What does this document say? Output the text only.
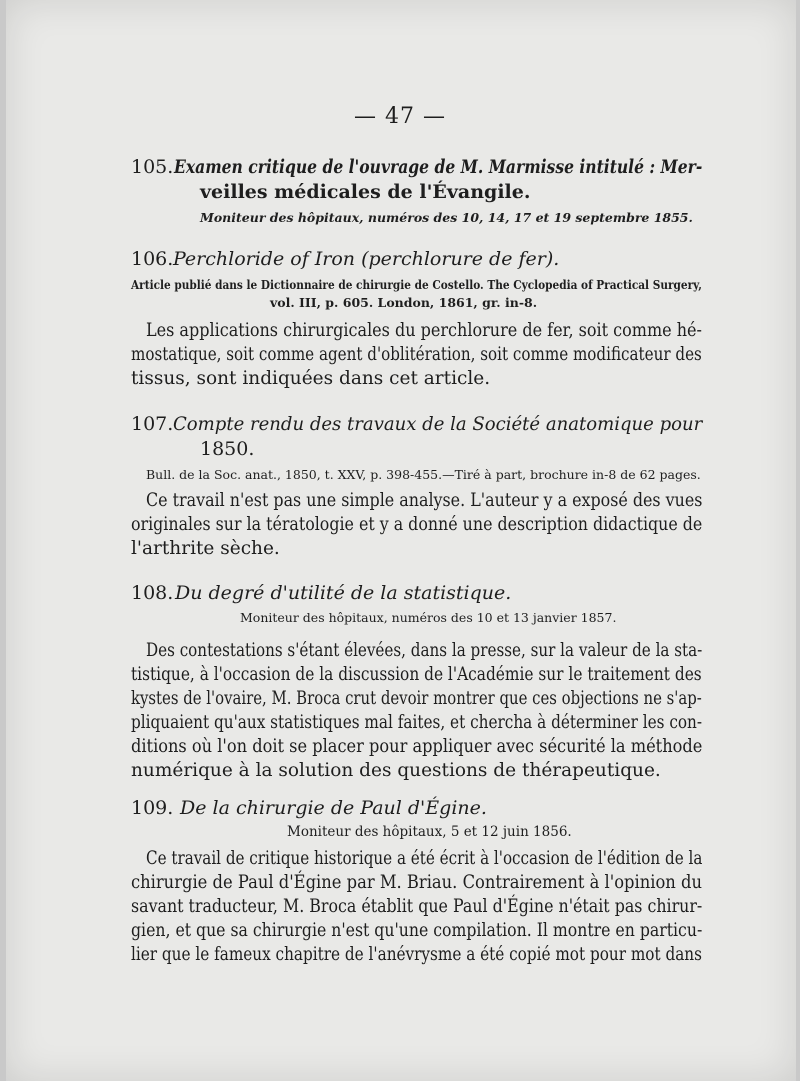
— 47 —
105. Examen critique de l'ouvrage de M. Marmisse intitulé : Mer-
veilles médicales de l'Évangile.
Moniteur des hôpitaux, numéros des 10, 14, 17 et 19 septembre 1855.
106. Perchloride of Iron (perchlorure de fer).
Article publié dans le Dictionnaire de chirurgie de Costello. The Cyclopedia of Practical Surgery,
vol. III, p. 605. London, 1861, gr. in-8.
Les applications chirurgicales du perchlorure de fer, soit comme hé-
mostatique, soit comme agent d'oblitération, soit comme modificateur des
tissus, sont indiquées dans cet article.
107. Compte rendu des travaux de la Société anatomique pour
1850.
Bull. de la Soc. anat., 1850, t. XXV, p. 398-455.—Tiré à part, brochure in-8 de 62 pages.
Ce travail n'est pas une simple analyse. L'auteur y a exposé des vues
originales sur la tératologie et y a donné une description didactique de
l'arthrite sèche.
108. Du degré d'utilité de la statistique.
Moniteur des hôpitaux, numéros des 10 et 13 janvier 1857.
Des contestations s'étant élevées, dans la presse, sur la valeur de la sta-
tistique, à l'occasion de la discussion de l'Académie sur le traitement des
kystes de l'ovaire, M. Broca crut devoir montrer que ces objections ne s'ap-
pliquaient qu'aux statistiques mal faites, et chercha à déterminer les con-
ditions où l'on doit se placer pour appliquer avec sécurité la méthode
numérique à la solution des questions de thérapeutique.
109. De la chirurgie de Paul d'Égine.
Moniteur des hôpitaux, 5 et 12 juin 1856.
Ce travail de critique historique a été écrit à l'occasion de l'édition de la
chirurgie de Paul d'Égine par M. Briau. Contrairement à l'opinion du
savant traducteur, M. Broca établit que Paul d'Égine n'était pas chirur-
gien, et que sa chirurgie n'est qu'une compilation. Il montre en particu-
lier que le fameux chapitre de l'anévrysme a été copié mot pour mot dans
